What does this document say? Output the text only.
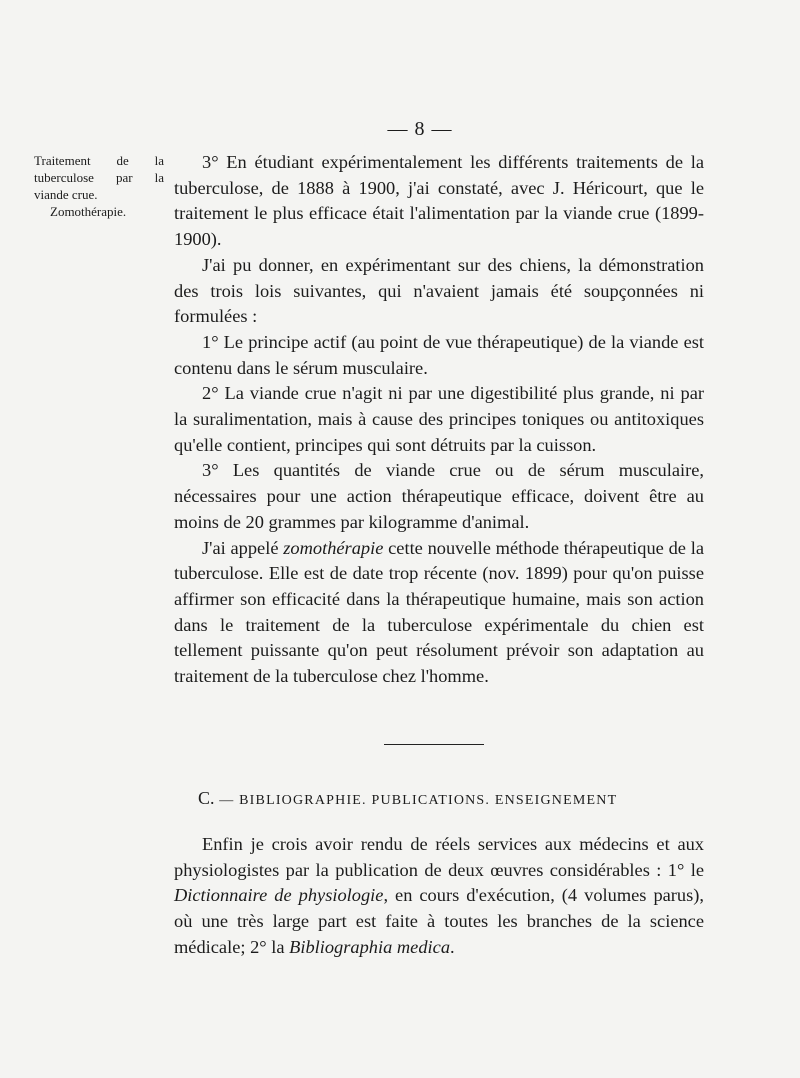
— 8 —
Traitement de la
tuberculose par la
viande crue.
Zomothérapie.

3° En étudiant expérimentalement les différents traitements de la tuberculose, de 1888 à 1900, j'ai constaté, avec J. Héricourt, que le traitement le plus efficace était l'alimentation par la viande crue (1899-1900).

J'ai pu donner, en expérimentant sur des chiens, la démonstration des trois lois suivantes, qui n'avaient jamais été soupçonnées ni formulées :

1° Le principe actif (au point de vue thérapeutique) de la viande est contenu dans le sérum musculaire.

2° La viande crue n'agit ni par une digestibilité plus grande, ni par la suralimentation, mais à cause des principes toniques ou antitoxiques qu'elle contient, principes qui sont détruits par la cuisson.

3° Les quantités de viande crue ou de sérum musculaire, nécessaires pour une action thérapeutique efficace, doivent être au moins de 20 grammes par kilogramme d'animal.

J'ai appelé zomothérapie cette nouvelle méthode thérapeutique de la tuberculose. Elle est de date trop récente (nov. 1899) pour qu'on puisse affirmer son efficacité dans la thérapeutique humaine, mais son action dans le traitement de la tuberculose expérimentale du chien est tellement puissante qu'on peut résolument prévoir son adaptation au traitement de la tuberculose chez l'homme.

C. — BIBLIOGRAPHIE. PUBLICATIONS. ENSEIGNEMENT

Enfin je crois avoir rendu de réels services aux médecins et aux physiologistes par la publication de deux œuvres considérables : 1° le Dictionnaire de physiologie, en cours d'exécution, (4 volumes parus), où une très large part est faite à toutes les branches de la science médicale; 2° la Bibliographia medica.
